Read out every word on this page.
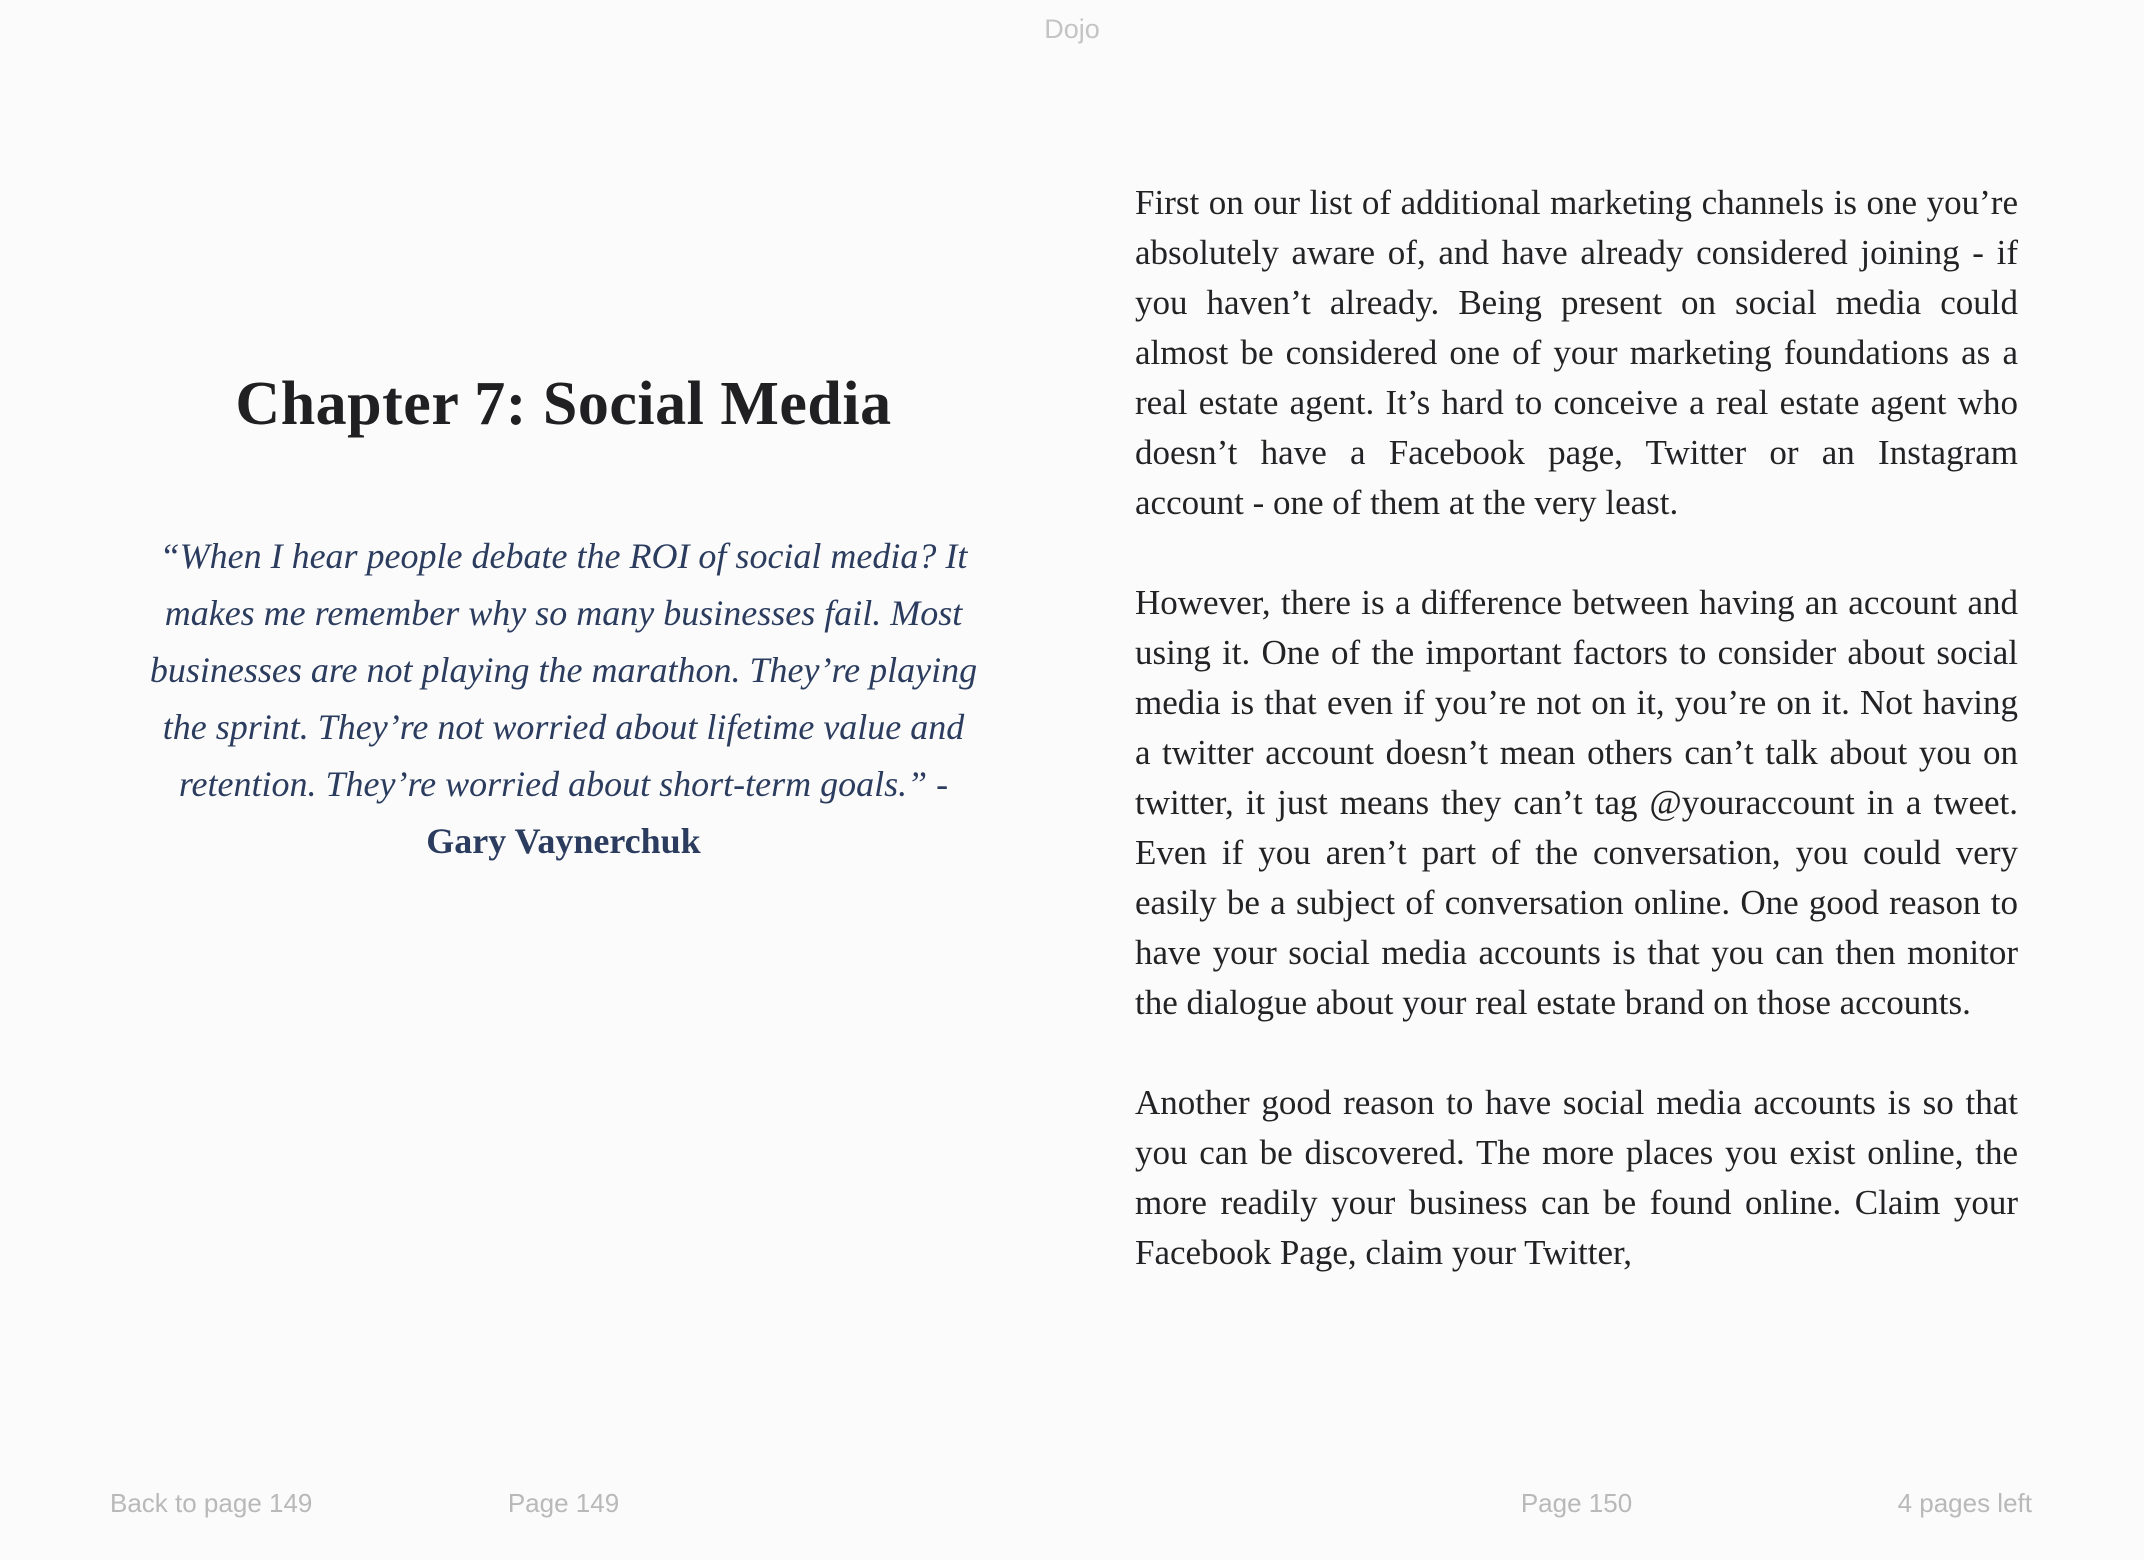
Dojo
Chapter 7: Social Media
“When I hear people debate the ROI of social media? It
makes me remember why so many businesses fail. Most
businesses are not playing the marathon. They’re playing
the sprint. They’re not worried about lifetime value and
retention. They’re worried about short-term goals.” -
Gary Vaynerchuk

First on our list of additional marketing channels is one you’re absolutely aware of, and have already considered joining - if you haven’t already. Being present on social media could almost be considered one of your marketing foundations as a real estate agent. It’s hard to conceive a real estate agent who doesn’t have a Facebook page, Twitter or an Instagram account - one of them at the very least.

However, there is a difference between having an account and using it. One of the important factors to consider about social media is that even if you’re not on it, you’re on it. Not having a twitter account doesn’t mean others can’t talk about you on twitter, it just means they can’t tag @youraccount in a tweet. Even if you aren’t part of the conversation, you could very easily be a subject of conversation online. One good reason to have your social media accounts is that you can then monitor the dialogue about your real estate brand on those accounts.

Another good reason to have social media accounts is so that you can be discovered. The more places you exist online, the more readily your business can be found online. Claim your Facebook Page, claim your Twitter,

Back to page 149	Page 149	Page 150	4 pages left
